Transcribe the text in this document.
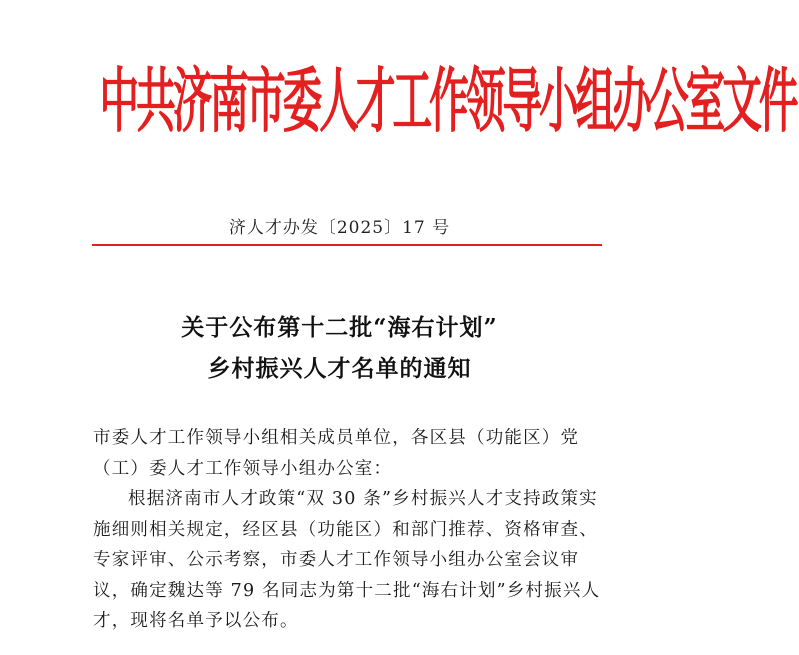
中共济南市委人才工作领导小组办公室文件
济人才办发〔2025〕17 号
关于公布第十二批“海右计划”
乡村振兴人才名单的通知
市委人才工作领导小组相关成员单位，各区县（功能区）党（工）委人才工作领导小组办公室：
根据济南市人才政策“双 30 条”乡村振兴人才支持政策实施细则相关规定，经区县（功能区）和部门推荐、资格审查、专家评审、公示考察，市委人才工作领导小组办公室会议审议，确定魏达等 79 名同志为第十二批“海右计划”乡村振兴人才，现将名单予以公布。
